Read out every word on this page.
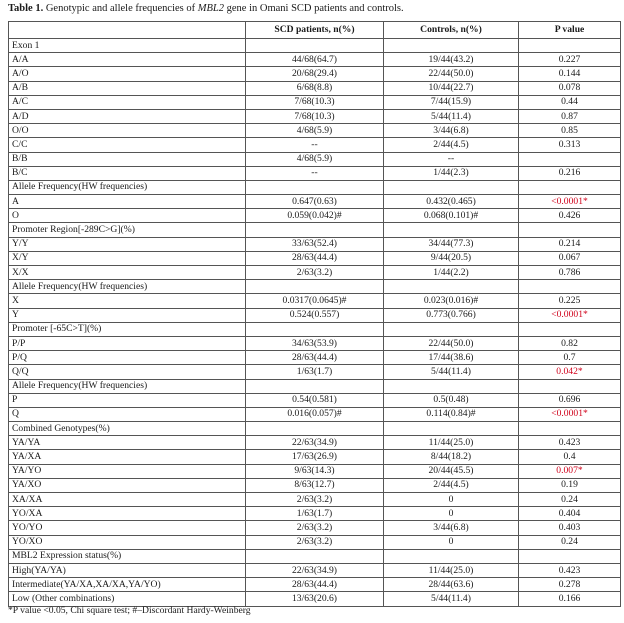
Table 1. Genotypic and allele frequencies of MBL2 gene in Omani SCD patients and controls.
	SCD patients, n(%)	Controls, n(%)	P value
Exon 1			
A/A	44/68(64.7)	19/44(43.2)	0.227
A/O	20/68(29.4)	22/44(50.0)	0.144
A/B	6/68(8.8)	10/44(22.7)	0.078
A/C	7/68(10.3)	7/44(15.9)	0.44
A/D	7/68(10.3)	5/44(11.4)	0.87
O/O	4/68(5.9)	3/44(6.8)	0.85
C/C	--	2/44(4.5)	0.313
B/B	4/68(5.9)	--	
B/C	--	1/44(2.3)	0.216
Allele Frequency(HW frequencies)			
A	0.647(0.63)	0.432(0.465)	<0.0001*
O	0.059(0.042)#	0.068(0.101)#	0.426
Promoter Region[-289C>G](%)			
Y/Y	33/63(52.4)	34/44(77.3)	0.214
X/Y	28/63(44.4)	9/44(20.5)	0.067
X/X	2/63(3.2)	1/44(2.2)	0.786
Allele Frequency(HW frequencies)			
X	0.0317(0.0645)#	0.023(0.016)#	0.225
Y	0.524(0.557)	0.773(0.766)	<0.0001*
Promoter [-65C>T](%)			
P/P	34/63(53.9)	22/44(50.0)	0.82
P/Q	28/63(44.4)	17/44(38.6)	0.7
Q/Q	1/63(1.7)	5/44(11.4)	0.042*
Allele Frequency(HW frequencies)			
P	0.54(0.581)	0.5(0.48)	0.696
Q	0.016(0.057)#	0.114(0.84)#	<0.0001*
Combined Genotypes(%)			
YA/YA	22/63(34.9)	11/44(25.0)	0.423
YA/XA	17/63(26.9)	8/44(18.2)	0.4
YA/YO	9/63(14.3)	20/44(45.5)	0.007*
YA/XO	8/63(12.7)	2/44(4.5)	0.19
XA/XA	2/63(3.2)	0	0.24
YO/XA	1/63(1.7)	0	0.404
YO/YO	2/63(3.2)	3/44(6.8)	0.403
YO/XO	2/63(3.2)	0	0.24
MBL2 Expression status(%)			
High(YA/YA)	22/63(34.9)	11/44(25.0)	0.423
Intermediate(YA/XA,XA/XA,YA/YO)	28/63(44.4)	28/44(63.6)	0.278
Low (Other combinations)	13/63(20.6)	5/44(11.4)	0.166
*P value <0.05, Chi square test; #–Discordant Hardy-Weinberg
